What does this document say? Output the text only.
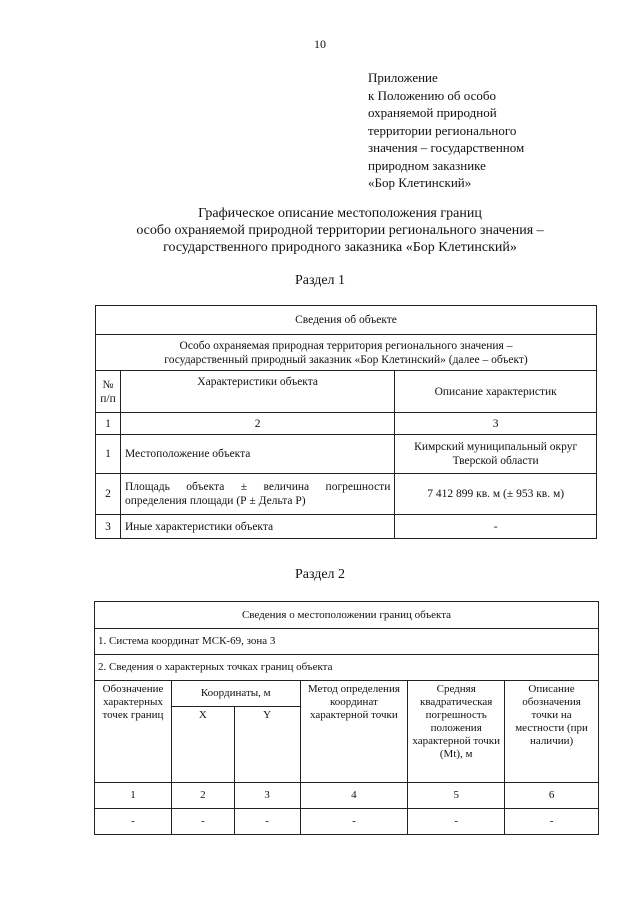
10
Приложение
к Положению об особо
охраняемой природной
территории регионального
значения – государственном
природном заказнике
«Бор Клетинский»
Графическое описание местоположения границ
особо охраняемой природной территории регионального значения –
государственного природного заказника «Бор Клетинский»
Раздел 1
Сведения об объекте		

Особо охраняемая природная территория регионального значения –
государственный природный заказник «Бор Клетинский» (далее – объект)		

№ п/п	Характеристики объекта	Описание характеристик
1	2	3
1	Местоположение объекта	Кимрский муниципальный округ
Тверской области

2	Площадь объекта ± величина погрешности
определения площади (Р ± Дельта Р)	7 412 899 кв. м (± 953 кв. м)
3	Иные характеристики объекта	-
Раздел 2
Сведения о местоположении границ объекта					
1. Система координат МСК-69, зона 3					
2. Сведения о характерных точках границ объекта					
Обозначение характерных точек границ	Координаты, м		Метод определения координат характерной точки	Средняя квадратическая погрешность положения характерной точки (Mt), м	Описание обозначения точки на местности (при наличии)
	X	Y			
1	2	3	4	5	6
-	-	-	-	-	-
